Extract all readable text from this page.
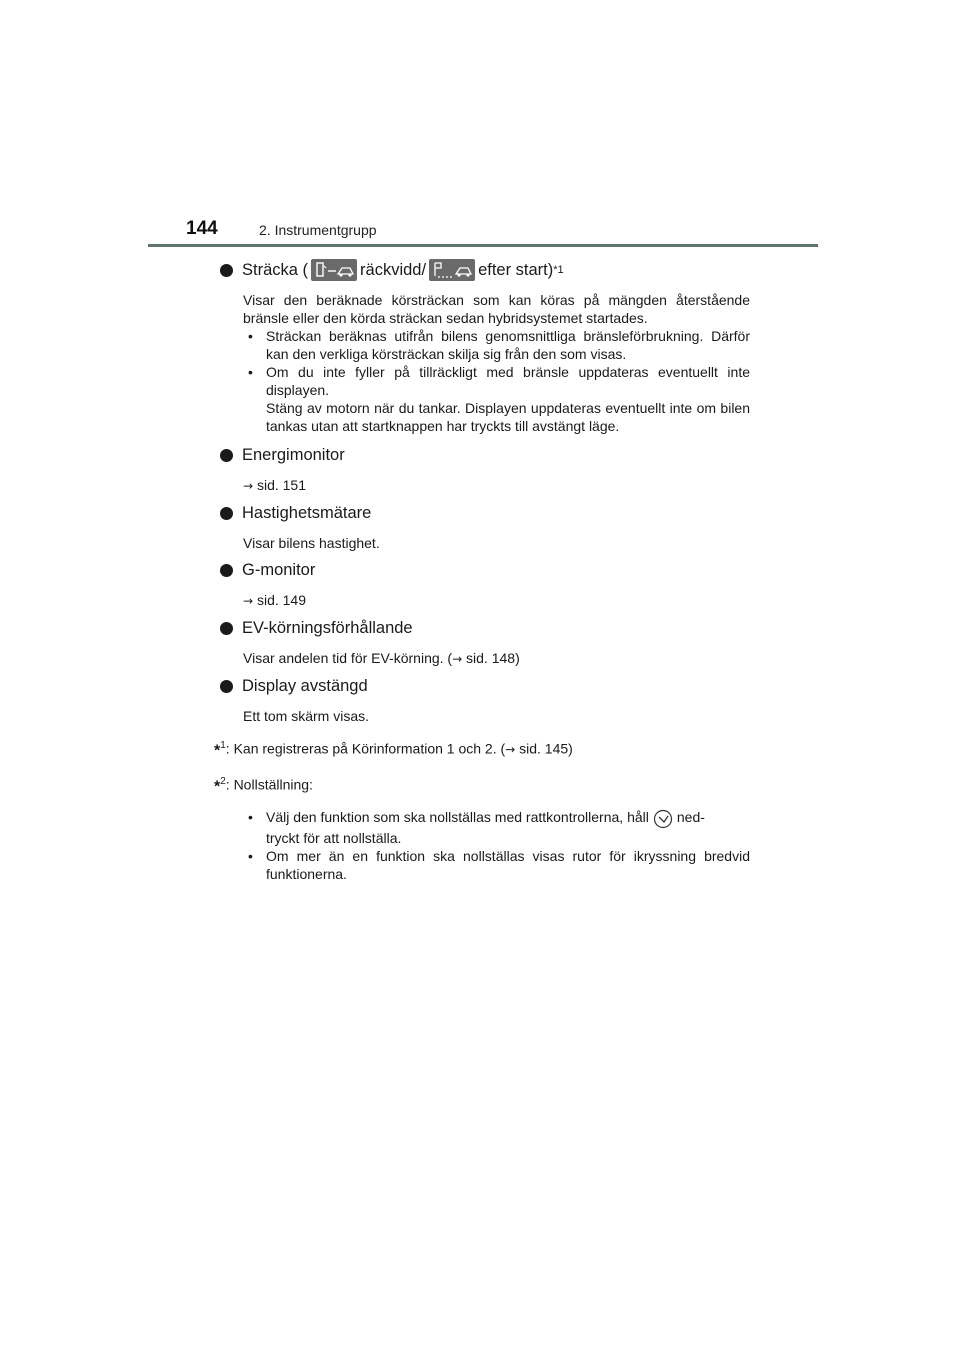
144	2. Instrumentgrupp
Sträcka (	räckvidd/	efter start) *1
Visar den beräknade körsträckan som kan köras på mängden återstående bränsle eller den körda sträckan sedan hybridsystemet startades.
• Sträckan beräknas utifrån bilens genomsnittliga bränsleförbrukning. Därför kan den verkliga körsträckan skilja sig från den som visas.
• Om du inte fyller på tillräckligt med bränsle uppdateras eventuellt inte displayen.
Stäng av motorn när du tankar. Displayen uppdateras eventuellt inte om bilen tankas utan att startknappen har tryckts till avstängt läge.
Energimonitor
→ sid. 151
Hastighetsmätare
Visar bilens hastighet.
G-monitor
→ sid. 149
EV-körningsförhållande
Visar andelen tid för EV-körning. (→ sid. 148)
Display avstängd
Ett tom skärm visas.
*$^1$: Kan registreras på Körinformation 1 och 2. (→ sid. 145)
*$^2$: Nollställning:
• Välj den funktion som ska nollställas med rattkontrollerna, håll ned-
tryckt för att nollställa.
• Om mer än en funktion ska nollställas visas rutor för ikryssning bredvid funktionerna.
